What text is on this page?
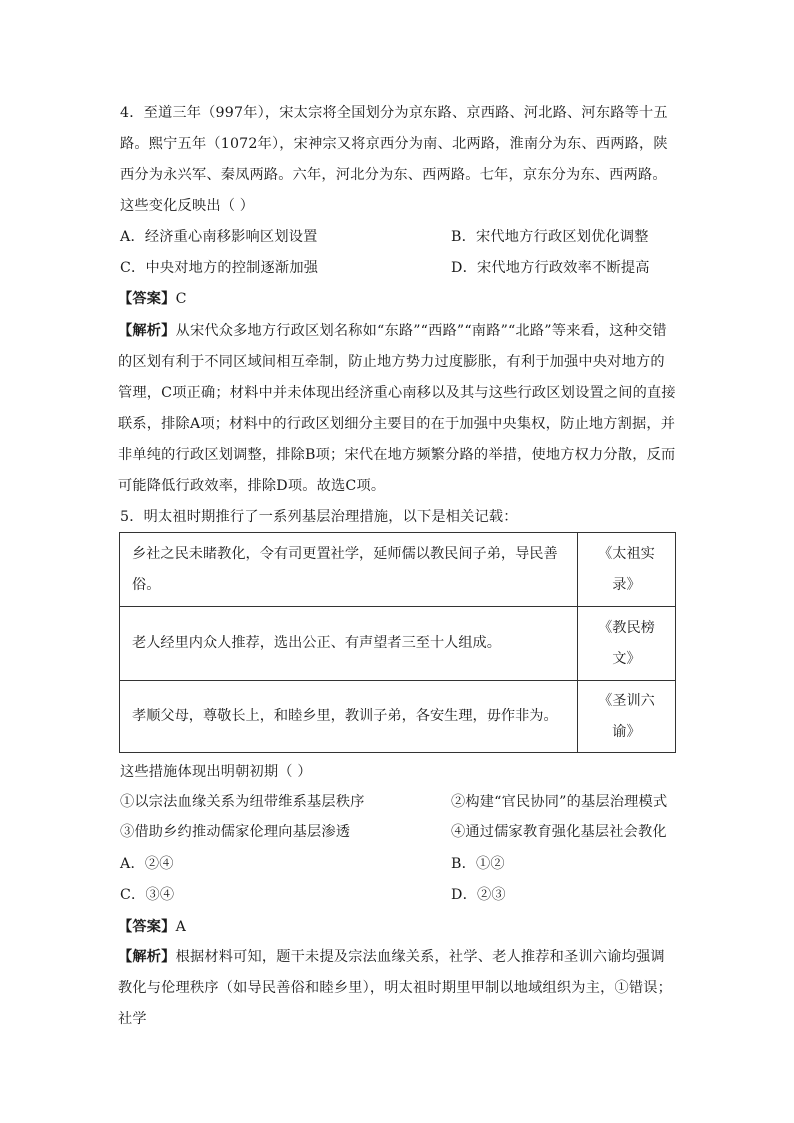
4．至道三年（997年），宋太宗将全国划分为京东路、京西路、河北路、河东路等十五路。熙宁五年（1072年），宋神宗又将京西分为南、北两路，淮南分为东、西两路，陕西分为永兴军、秦凤两路。六年，河北分为东、西两路。七年，京东分为东、西两路。这些变化反映出（ ）
A．经济重心南移影响区划设置	B．宋代地方行政区划优化调整
C．中央对地方的控制逐渐加强	D．宋代地方行政效率不断提高
【答案】C
【解析】从宋代众多地方行政区划名称如“东路”“西路”“南路”“北路”等来看，这种交错的区划有利于不同区域间相互牵制，防止地方势力过度膨胀，有利于加强中央对地方的管理，C项正确；材料中并未体现出经济重心南移以及其与这些行政区划设置之间的直接联系，排除A项；材料中的行政区划细分主要目的在于加强中央集权，防止地方割据，并非单纯的行政区划调整，排除B项；宋代在地方频繁分路的举措，使地方权力分散，反而可能降低行政效率，排除D项。故选C项。
5．明太祖时期推行了一系列基层治理措施，以下是相关记载：
乡社之民未睹教化，令有司更置社学，延师儒以教民间子弟，导民善俗。	《太祖实录》
老人经里内众人推荐，选出公正、有声望者三至十人组成。	《教民榜文》
孝顺父母，尊敬长上，和睦乡里，教训子弟，各安生理，毋作非为。	《圣训六谕》
这些措施体现出明朝初期（ ）
①以宗法血缘关系为纽带维系基层秩序	②构建“官民协同”的基层治理模式
③借助乡约推动儒家伦理向基层渗透	④通过儒家教育强化基层社会教化
A．②④	B．①②
C．③④	D．②③
【答案】A
【解析】根据材料可知，题干未提及宗法血缘关系，社学、老人推荐和圣训六谕均强调教化与伦理秩序（如导民善俗和睦乡里），明太祖时期里甲制以地域组织为主，①错误；社学
